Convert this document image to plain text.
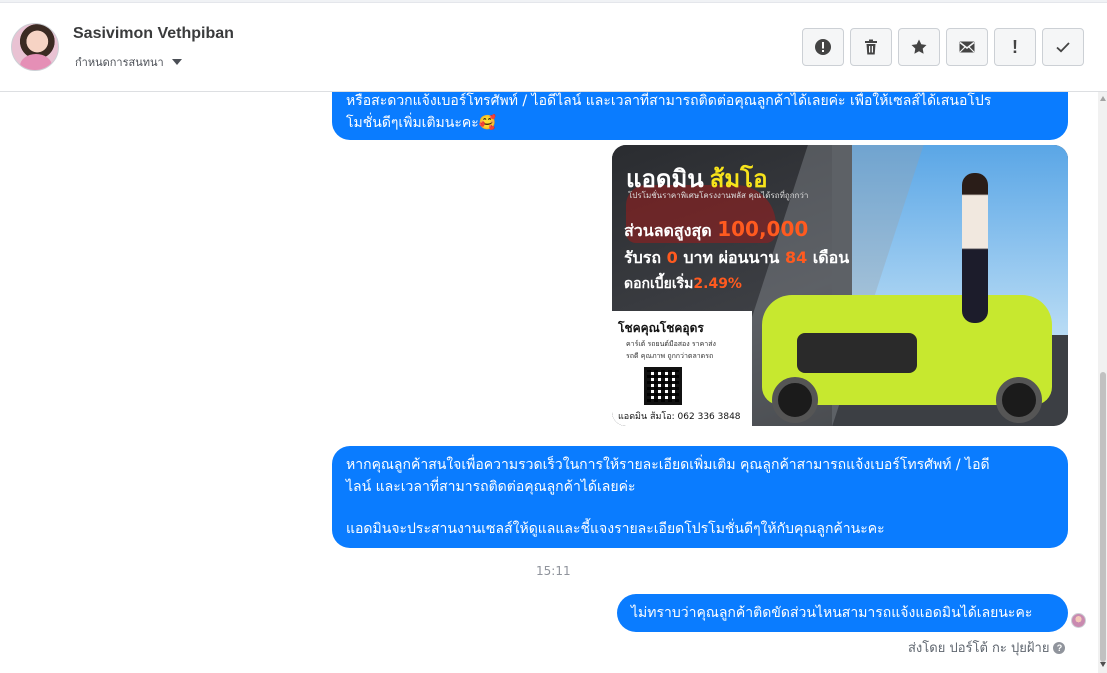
Sasivimon Vethpiban
กำหนดการสนทนา
!
หรือสะดวกแจ้งเบอร์โทรศัพท์ / ไอดีไลน์ และเวลาที่สามารถติดต่อคุณลูกค้าได้เลยค่ะ เพื่อให้เซลส์ได้เสนอโปร
โมชั่นดีๆเพิ่มเติมนะคะ🥰
แอดมิน ส้มโอ
โปรโมชั่นราคาพิเศษโครงงานพลัส คุณได้รถที่ถูกกว่า
ส่วนลดสูงสุด 100,000
รับรถ 0 บาท ผ่อนนาน 84 เดือน
ดอกเบี้ยเริ่ม2.49%
โชคคุณโชคอุดร
คาร์เต้ รถยนต์มือสอง ราคาส่ง
รถดี คุณภาพ ถูกกว่าตลาดรถ
แอดมิน ส้มโอ: 062 336 3848
หากคุณลูกค้าสนใจเพื่อความรวดเร็วในการให้รายละเอียดเพิ่มเติม คุณลูกค้าสามารถแจ้งเบอร์โทรศัพท์ / ไอดี
ไลน์ และเวลาที่สามารถติดต่อคุณลูกค้าได้เลยค่ะ
แอดมินจะประสานงานเซลส์ให้ดูแลและชี้แจงรายละเอียดโปรโมชั่นดีๆให้กับคุณลูกค้านะคะ
15:11
ไม่ทราบว่าคุณลูกค้าติดขัดส่วนไหนสามารถแจ้งแอดมินได้เลยนะคะ
ส่งโดย ปอร์โต้ กะ ปุยฝ้าย ?
